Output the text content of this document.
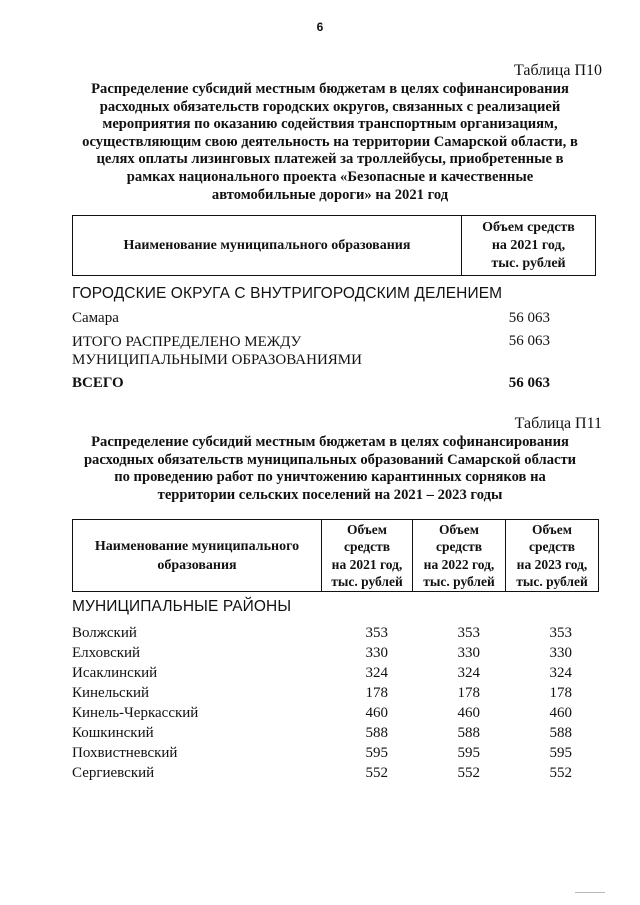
6
Таблица П10
Распределение субсидий местным бюджетам в целях софинансирования
расходных обязательств городских округов, связанных с реализацией
мероприятия по оказанию содействия транспортным организациям,
осуществляющим свою деятельность на территории Самарской области, в
целях оплаты лизинговых платежей за троллейбусы, приобретенные в
рамках национального проекта «Безопасные и качественные
автомобильные дороги» на 2021 год
Наименование муниципального образования	
Объем средств
на 2021 год,
тыс. рублей
ГОРОДСКИЕ ОКРУГА С ВНУТРИГОРОДСКИМ ДЕЛЕНИЕМ
Самара	56 063
ИТОГО РАСПРЕДЕЛЕНО МЕЖДУ
МУНИЦИПАЛЬНЫМИ ОБРАЗОВАНИЯМИ
56 063
ВСЕГО	56 063
Таблица П11
Распределение субсидий местным бюджетам в целях софинансирования
расходных обязательств муниципальных образований Самарской области
по проведению работ по уничтожению карантинных сорняков на
территории сельских поселений на 2021 – 2023 годы
Наименование муниципального
образования

Объем
средств
на 2021 год,
тыс. рублей

Объем
средств
на 2022 год,
тыс. рублей

Объем
средств
на 2023 год,
тыс. рублей
МУНИЦИПАЛЬНЫЕ РАЙОНЫ
Волжский	353	353	353
Елховский	330	330	330
Исаклинский	324	324	324
Кинельский	178	178	178
Кинель-Черкасский	460	460	460
Кошкинский	588	588	588
Похвистневский	595	595	595
Сергиевский	552	552	552
